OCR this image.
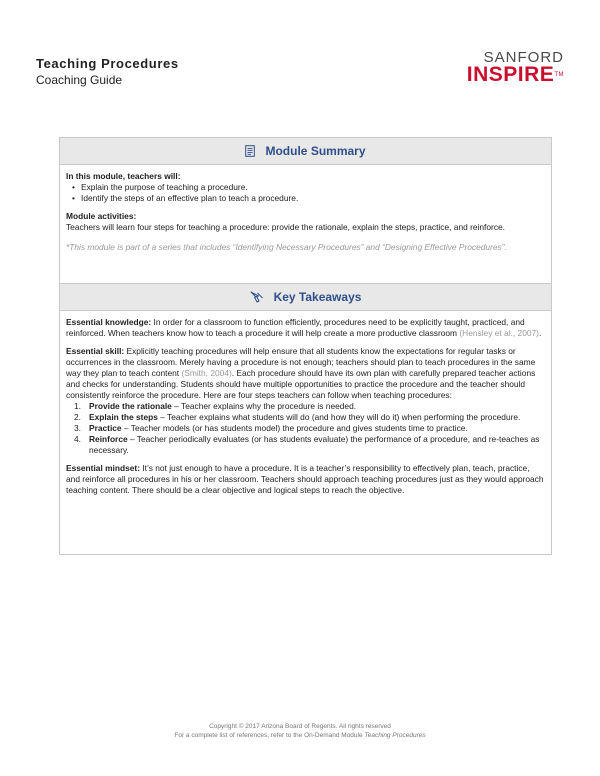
Teaching Procedures
Coaching Guide
SANFORD
INSPIRE™
Module Summary
In this module, teachers will:
• Explain the purpose of teaching a procedure.
• Identify the steps of an effective plan to teach a procedure.
Module activities:

Teachers will learn four steps for teaching a procedure: provide the rationale, explain the steps, practice, and reinforce.

*This module is part of a series that includes “Identifying Necessary Procedures” and “Designing Effective Procedures”.

Key Takeaways

Essential knowledge: In order for a classroom to function efficiently, procedures need to be explicitly taught, practiced, and reinforced. When teachers know how to teach a procedure it will help create a more productive classroom (Hensley et al., 2007).

Essential skill: Explicitly teaching procedures will help ensure that all students know the expectations for regular tasks or occurrences in the classroom. Merely having a procedure is not enough; teachers should plan to teach procedures in the same way they plan to teach content (Smith, 2004). Each procedure should have its own plan with carefully prepared teacher actions and checks for understanding. Students should have multiple opportunities to practice the procedure and the teacher should consistently reinforce the procedure. Here are four steps teachers can follow when teaching procedures:
1. Provide the rationale – Teacher explains why the procedure is needed.
2. Explain the steps – Teacher explains what students will do (and how they will do it) when performing the procedure.
3. Practice – Teacher models (or has students model) the procedure and gives students time to practice.
4. Reinforce – Teacher periodically evaluates (or has students evaluate) the performance of a procedure, and re-teaches as necessary.

Essential mindset: It’s not just enough to have a procedure. It is a teacher’s responsibility to effectively plan, teach, practice, and reinforce all procedures in his or her classroom. Teachers should approach teaching procedures just as they would approach teaching content. There should be a clear objective and logical steps to reach the objective.

Copyright © 2017 Arizona Board of Regents. All rights reserved
For a complete list of references, refer to the On-Demand Module Teaching Procedures
